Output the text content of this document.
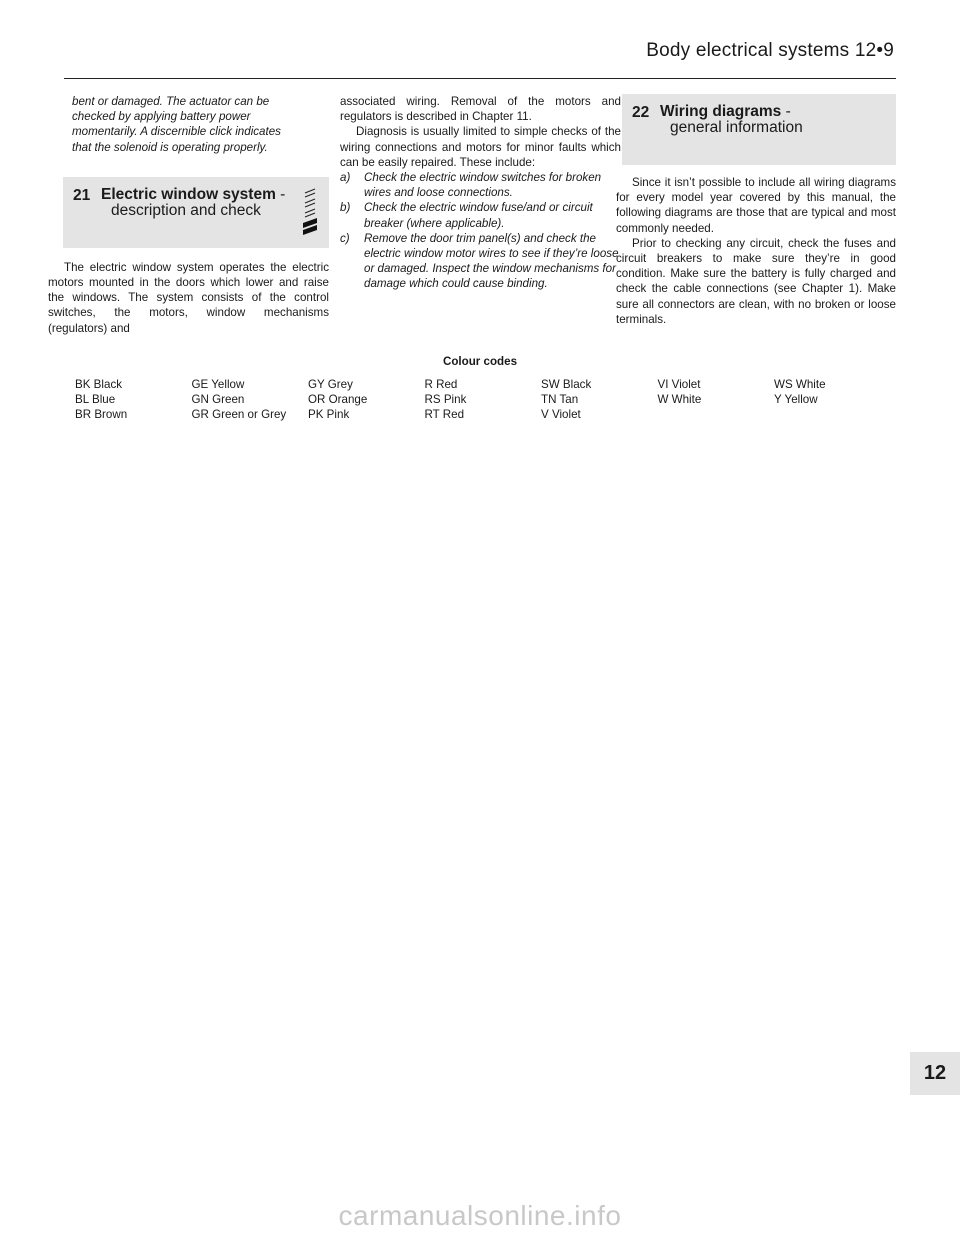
Body electrical systems 12•9
bent or damaged. The actuator can be
checked by applying battery power
momentarily. A discernible click indicates
that the solenoid is operating properly.
21 Electric window system -
description and check

The electric window system operates the electric motors mounted in the doors which lower and raise the windows. The system consists of the control switches, the motors, window mechanisms (regulators) and

associated wiring. Removal of the motors and regulators is described in Chapter 11.

Diagnosis is usually limited to simple checks of the wiring connections and motors for minor faults which can be easily repaired. These include:

a) Check the electric window switches for broken wires and loose connections.
b) Check the electric window fuse/and or circuit breaker (where applicable).
c) Remove the door trim panel(s) and check the electric window motor wires to see if they’re loose or damaged. Inspect the window mechanisms for damage which could cause binding.
22 Wiring diagrams -
general information

Since it isn’t possible to include all wiring diagrams for every model year covered by this manual, the following diagrams are those that are typical and most commonly needed.

Prior to checking any circuit, check the fuses and circuit breakers to make sure they’re in good condition. Make sure the battery is fully charged and check the cable connections (see Chapter 1). Make sure all connectors are clean, with no broken or loose terminals.

Colour codes
BK Black	GE Yellow	GY Grey	R Red	SW Black	VI Violet	WS White
BL Blue	GN Green	OR Orange	RS Pink	TN Tan	W White	Y Yellow
BR Brown	GR Green or Grey	PK Pink	RT Red	V Violet
12
carmanualsonline.info
